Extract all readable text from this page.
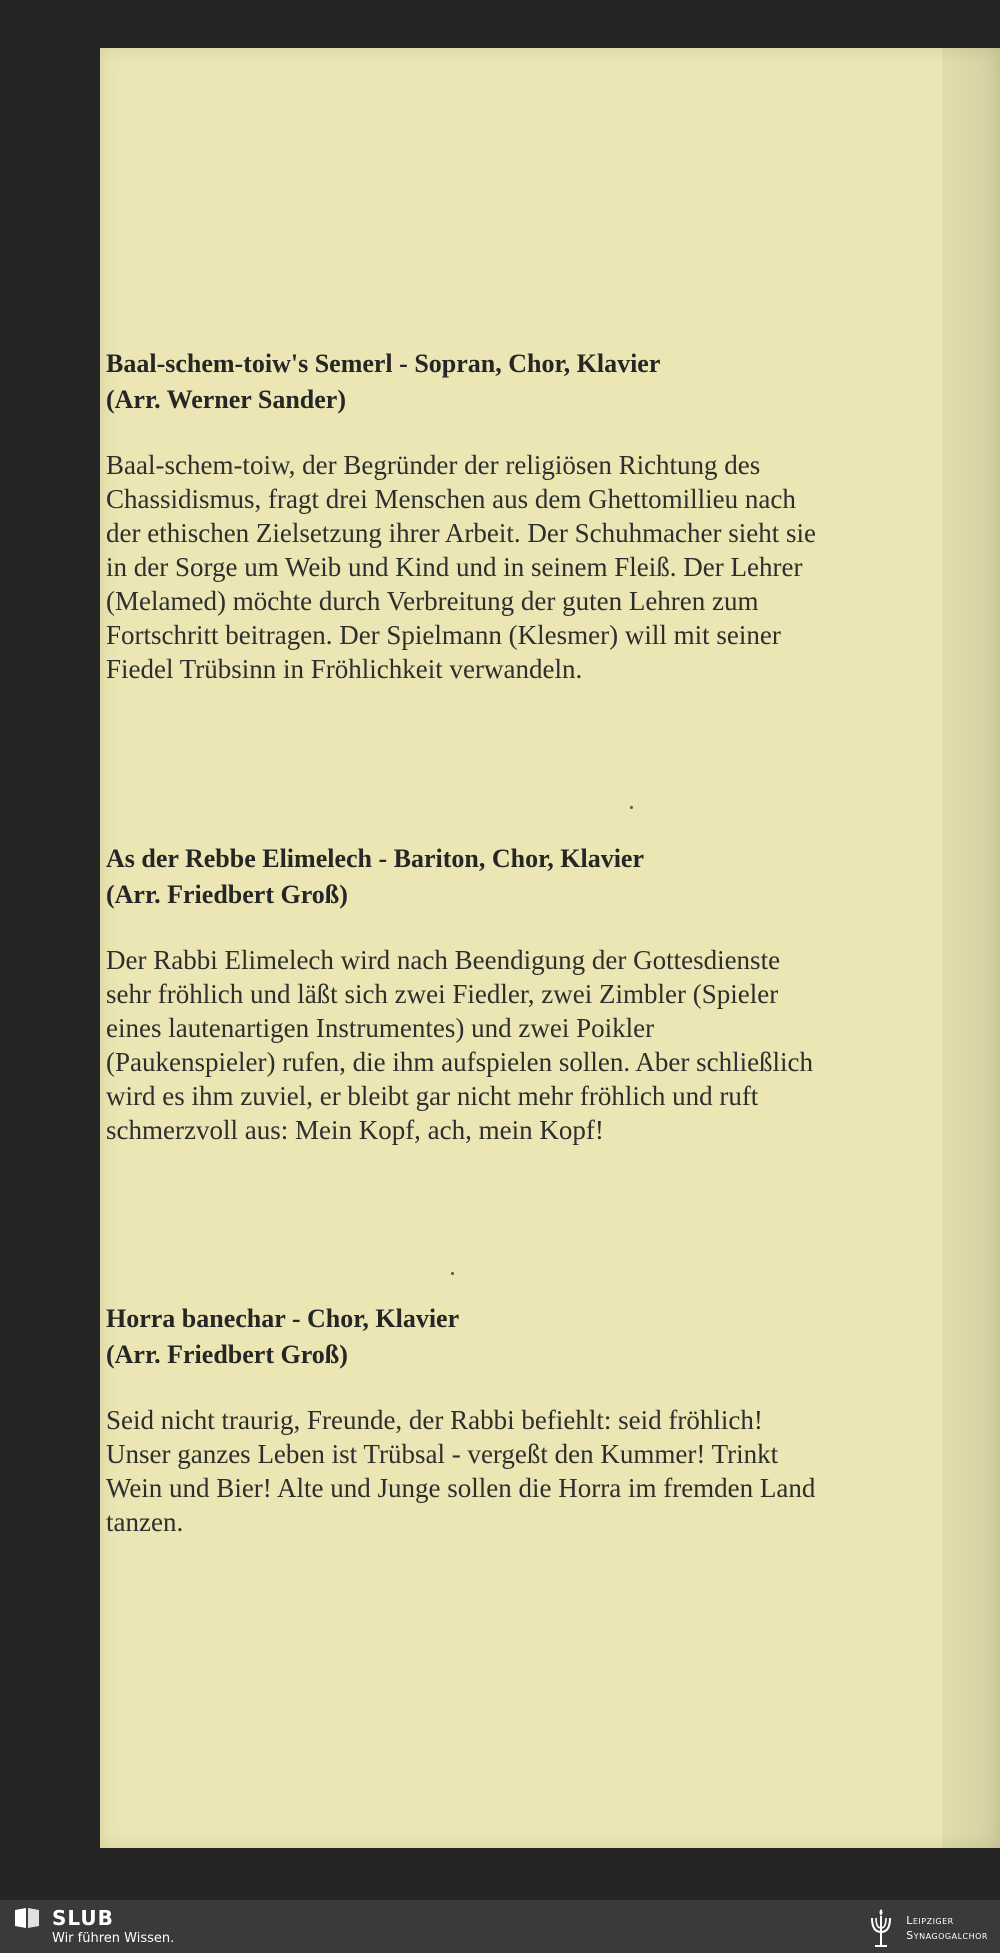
Baal-schem-toiw's Semerl - Sopran, Chor, Klavier

(Arr. Werner Sander)

Baal-schem-toiw, der Begründer der religiösen Richtung des Chassidismus, fragt drei Menschen aus dem Ghettomillieu nach der ethischen Zielsetzung ihrer Arbeit. Der Schuhmacher sieht sie in der Sorge um Weib und Kind und in seinem Fleiß. Der Lehrer (Melamed) möchte durch Verbreitung der guten Lehren zum Fortschritt beitragen. Der Spielmann (Klesmer) will mit seiner Fiedel Trübsinn in Fröhlichkeit verwandeln.

As der Rebbe Elimelech - Bariton, Chor, Klavier

(Arr. Friedbert Groß)

Der Rabbi Elimelech wird nach Beendigung der Gottesdienste sehr fröhlich und läßt sich zwei Fiedler, zwei Zimbler (Spieler eines lautenartigen Instrumentes) und zwei Poikler (Paukenspieler) rufen, die ihm aufspielen sollen. Aber schließlich wird es ihm zuviel, er bleibt gar nicht mehr fröhlich und ruft schmerzvoll aus: Mein Kopf, ach, mein Kopf!

Horra banechar - Chor, Klavier

(Arr. Friedbert Groß)

Seid nicht traurig, Freunde, der Rabbi befiehlt: seid fröhlich! Unser ganzes Leben ist Trübsal - vergeßt den Kummer! Trinkt Wein und Bier! Alte und Junge sollen die Horra im fremden Land tanzen.

SLUB
Wir führen Wissen.
Leipziger
Synagogalchor
